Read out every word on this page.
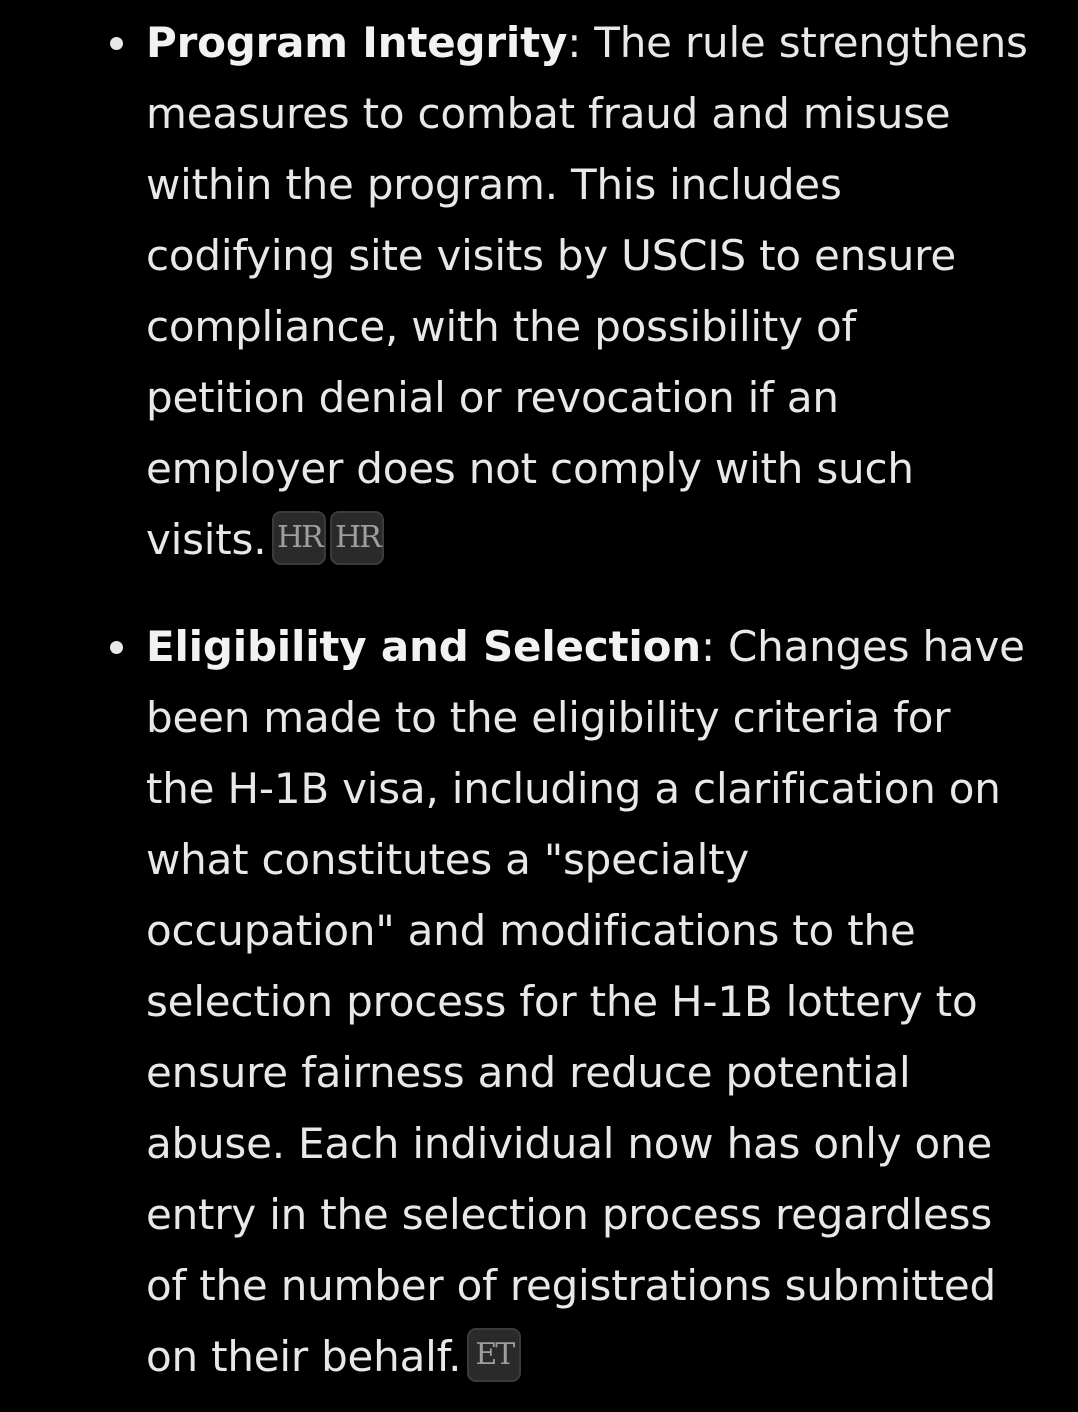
Program Integrity: The rule strengthens
measures to combat fraud and misuse
within the program. This includes
codifying site visits by USCIS to ensure
compliance, with the possibility of
petition denial or revocation if an
employer does not comply with such
visits. HR HR
Eligibility and Selection: Changes have
been made to the eligibility criteria for
the H-1B visa, including a clarification on
what constitutes a "specialty
occupation" and modifications to the
selection process for the H-1B lottery to
ensure fairness and reduce potential
abuse. Each individual now has only one
entry in the selection process regardless
of the number of registrations submitted
on their behalf. ET
